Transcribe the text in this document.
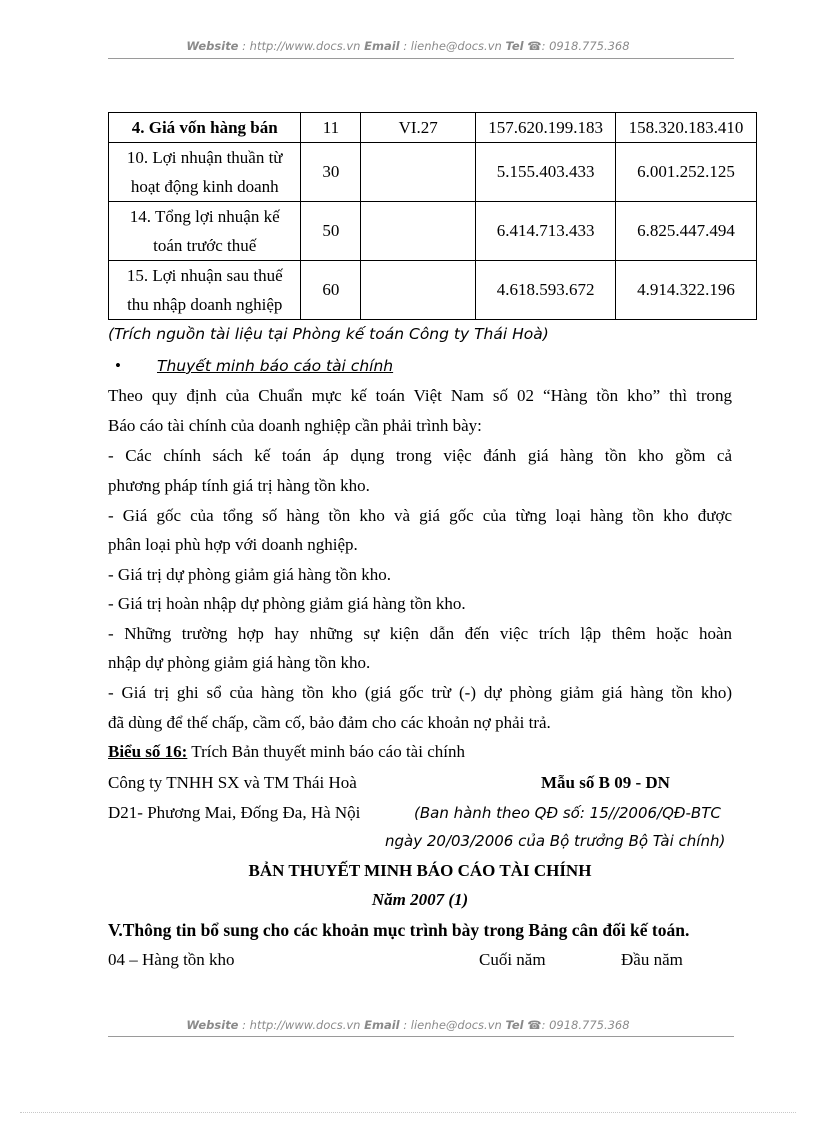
Website : http://www.docs.vn Email : lienhe@docs.vn Tel ☎: 0918.775.368
4. Giá vốn hàng bán	11	VI.27	157.620.199.183	158.320.183.410

10. Lợi nhuận thuần từ
hoạt động kinh doanh	30		5.155.403.433	6.001.252.125

14. Tổng lợi nhuận kế
toán trước thuế	50		6.414.713.433	6.825.447.494

15. Lợi nhuận sau thuế
thu nhập doanh nghiệp	60		4.618.593.672	4.914.322.196
(Trích nguồn tài liệu tại Phòng kế toán Công ty Thái Hoà)
• Thuyết minh báo cáo tài chính
Theo quy định của Chuẩn mực kế toán Việt Nam số 02 “Hàng tồn kho” thì trong
Báo cáo tài chính của doanh nghiệp cần phải trình bày:
- Các chính sách kế toán áp dụng trong việc đánh giá hàng tồn kho gồm cả
phương pháp tính giá trị hàng tồn kho.
- Giá gốc của tổng số hàng tồn kho và giá gốc của từng loại hàng tồn kho được
phân loại phù hợp với doanh nghiệp.
- Giá trị dự phòng giảm giá hàng tồn kho.
- Giá trị hoàn nhập dự phòng giảm giá hàng tồn kho.
- Những trường hợp hay những sự kiện dẫn đến việc trích lập thêm hoặc hoàn
nhập dự phòng giảm giá hàng tồn kho.
- Giá trị ghi sổ của hàng tồn kho (giá gốc trừ (-) dự phòng giảm giá hàng tồn kho)
đã dùng để thế chấp, cầm cố, bảo đảm cho các khoản nợ phải trả.
Biểu số 16: Trích Bản thuyết minh báo cáo tài chính
Công ty TNHH SX và TM Thái Hoà	Mẫu số B 09 - DN
D21- Phương Mai, Đống Đa, Hà Nội	(Ban hành theo QĐ số: 15//2006/QĐ-BTC
ngày 20/03/2006 của Bộ trưởng Bộ Tài chính)
BẢN THUYẾT MINH BÁO CÁO TÀI CHÍNH
Năm 2007 (1)
V.Thông tin bổ sung cho các khoản mục trình bày trong Bảng cân đối kế toán.
04 – Hàng tồn kho	Cuối năm	Đầu năm
Website : http://www.docs.vn Email : lienhe@docs.vn Tel ☎: 0918.775.368
